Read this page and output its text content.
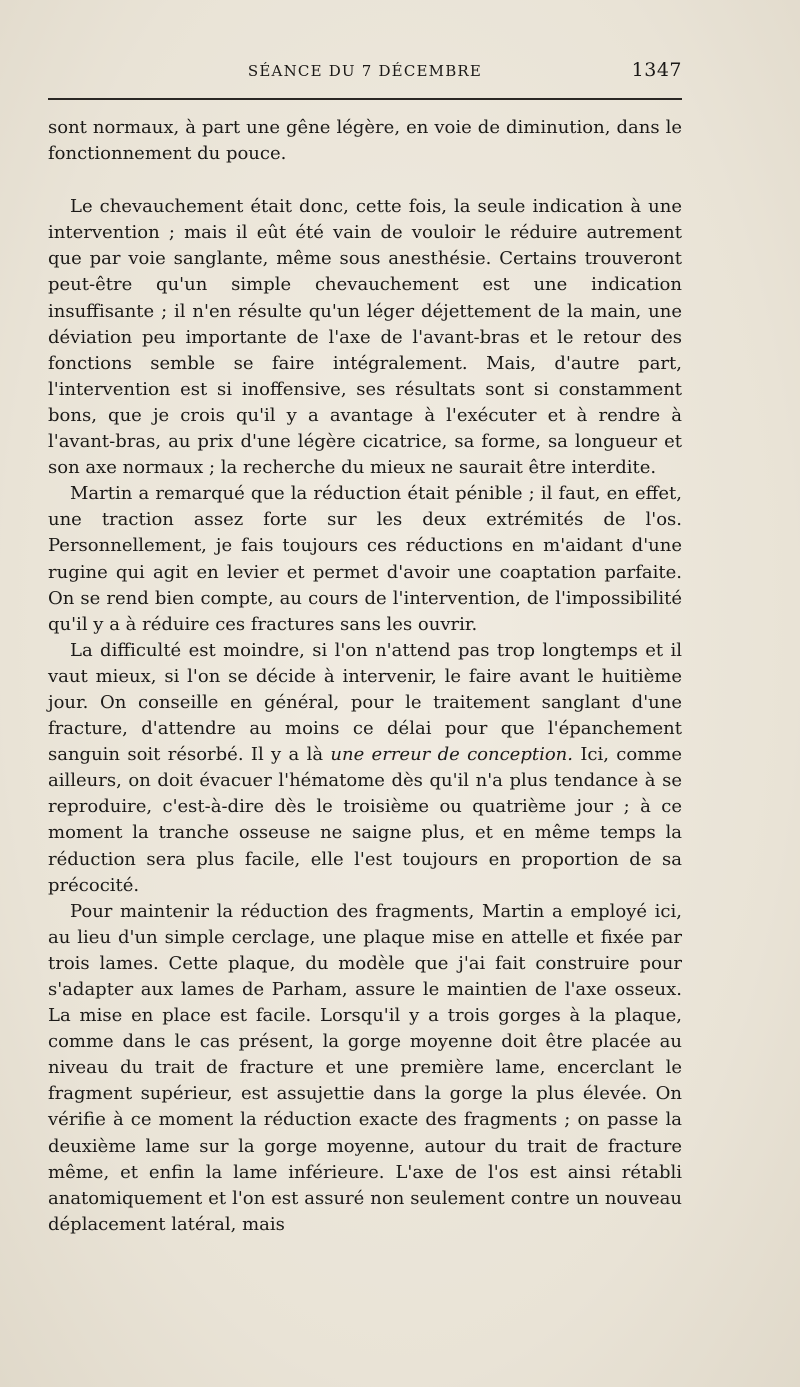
SÉANCE DU 7 DÉCEMBRE	1347

sont normaux, à part une gêne légère, en voie de diminution, dans le fonctionnement du pouce.

Le chevauchement était donc, cette fois, la seule indication à une intervention ; mais il eût été vain de vouloir le réduire autrement que par voie sanglante, même sous anesthésie. Certains trouveront peut-être qu'un simple chevauchement est une indication insuffisante ; il n'en résulte qu'un léger déjettement de la main, une déviation peu importante de l'axe de l'avant-bras et le retour des fonctions semble se faire intégralement. Mais, d'autre part, l'intervention est si inoffensive, ses résultats sont si constamment bons, que je crois qu'il y a avantage à l'exécuter et à rendre à l'avant-bras, au prix d'une légère cicatrice, sa forme, sa longueur et son axe normaux ; la recherche du mieux ne saurait être interdite.

Martin a remarqué que la réduction était pénible ; il faut, en effet, une traction assez forte sur les deux extrémités de l'os. Personnellement, je fais toujours ces réductions en m'aidant d'une rugine qui agit en levier et permet d'avoir une coaptation parfaite. On se rend bien compte, au cours de l'intervention, de l'impossibilité qu'il y a à réduire ces fractures sans les ouvrir.

La difficulté est moindre, si l'on n'attend pas trop longtemps et il vaut mieux, si l'on se décide à intervenir, le faire avant le huitième jour. On conseille en général, pour le traitement sanglant d'une fracture, d'attendre au moins ce délai pour que l'épanchement sanguin soit résorbé. Il y a là une erreur de conception. Ici, comme ailleurs, on doit évacuer l'hématome dès qu'il n'a plus tendance à se reproduire, c'est-à-dire dès le troisième ou quatrième jour ; à ce moment la tranche osseuse ne saigne plus, et en même temps la réduction sera plus facile, elle l'est toujours en proportion de sa précocité.

Pour maintenir la réduction des fragments, Martin a employé ici, au lieu d'un simple cerclage, une plaque mise en attelle et fixée par trois lames. Cette plaque, du modèle que j'ai fait construire pour s'adapter aux lames de Parham, assure le maintien de l'axe osseux. La mise en place est facile. Lorsqu'il y a trois gorges à la plaque, comme dans le cas présent, la gorge moyenne doit être placée au niveau du trait de fracture et une première lame, encerclant le fragment supérieur, est assujettie dans la gorge la plus élevée. On vérifie à ce moment la réduction exacte des fragments ; on passe la deuxième lame sur la gorge moyenne, autour du trait de fracture même, et enfin la lame inférieure. L'axe de l'os est ainsi rétabli anatomiquement et l'on est assuré non seulement contre un nouveau déplacement latéral, mais
